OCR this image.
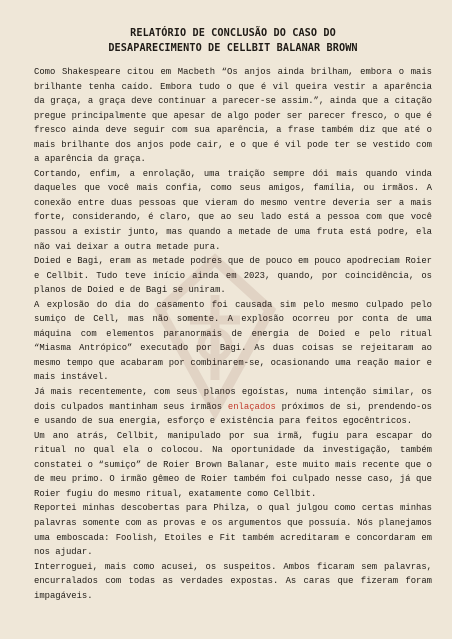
RELATÓRIO DE CONCLUSÃO DO CASO DO
DESAPARECIMENTO DE CELLBIT BALANAR BROWN

Como Shakespeare citou em Macbeth “Os anjos ainda brilham, embora o mais brilhante tenha caído. Embora tudo o que é vil queira vestir a aparência da graça, a graça deve continuar a parecer-se assim.”, ainda que a citação pregue principalmente que apesar de algo poder ser parecer fresco, o que é fresco ainda deve seguir com sua aparência, a frase também diz que até o mais brilhante dos anjos pode cair, e o que é vil pode ter se vestido com a aparência da graça.

Cortando, enfim, a enrolação, uma traição sempre dói mais quando vinda daqueles que você mais confia, como seus amigos, família, ou irmãos. A conexão entre duas pessoas que vieram do mesmo ventre deveria ser a mais forte, considerando, é claro, que ao seu lado está a pessoa com que você passou a existir junto, mas quando a metade de uma fruta está podre, ela não vai deixar a outra metade pura.

Doied e Bagi, eram as metade podres que de pouco em pouco apodreciam Roier e Cellbit. Tudo teve início ainda em 2023, quando, por coincidência, os planos de Doied e de Bagi se uniram.

A explosão do dia do casamento foi causada sim pelo mesmo culpado pelo sumiço de Cell, mas não somente. A explosão ocorreu por conta de uma máquina com elementos paranormais de energia de Doied e pelo ritual “Miasma Antrópico” executado por Bagi. As duas coisas se rejeitaram ao mesmo tempo que acabaram por combinarem-se, ocasionando uma reação maior e mais instável.

Já mais recentemente, com seus planos egoístas, numa intenção similar, os dois culpados mantinham seus irmãos enlaçados próximos de si, prendendo-os e usando de sua energia, esforço e existência para feitos egocêntricos.

Um ano atrás, Cellbit, manipulado por sua irmã, fugiu para escapar do ritual no qual ela o colocou. Na oportunidade da investigação, também constatei o “sumiço” de Roier Brown Balanar, este muito mais recente que o de meu primo. O irmão gêmeo de Roier também foi culpado nesse caso, já que Roier fugiu do mesmo ritual, exatamente como Cellbit.

Reportei minhas descobertas para Philza, o qual julgou como certas minhas palavras somente com as provas e os argumentos que possuía. Nós planejamos uma emboscada: Foolish, Etoiles e Fit também acreditaram e concordaram em nos ajudar.

Interroguei, mais como acusei, os suspeitos. Ambos ficaram sem palavras, encurralados com todas as verdades expostas. As caras que fizeram foram impagáveis.
